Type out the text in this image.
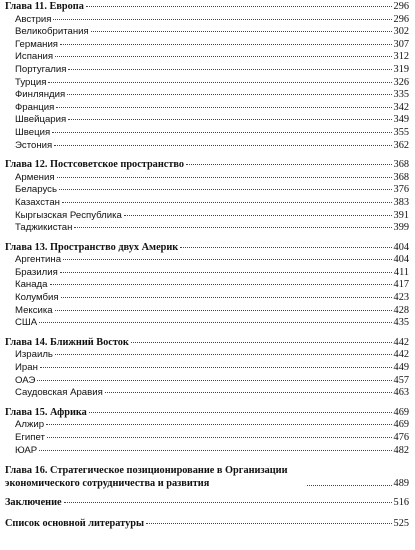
Глава 11. Европа	296
Австрия	296
Великобритания	302
Германия	307
Испания	312
Португалия	319
Турция	326
Финляндия	335
Франция	342
Швейцария	349
Швеция	355
Эстония	362
Глава 12. Постсоветское пространство	368
Армения	368
Беларусь	376
Казахстан	383
Кыргызская Республика	391
Таджикистан	399
Глава 13. Пространство двух Америк	404
Аргентина	404
Бразилия	411
Канада	417
Колумбия	423
Мексика	428
США	435
Глава 14. Ближний Восток	442
Израиль	442
Иран	449
ОАЭ	457
Саудовская Аравия	463
Глава 15. Африка	469
Алжир	469
Египет	476
ЮАР	482
Глава 16. Стратегическое позиционирование в Организации экономического сотрудничества и развития	489
Заключение	516
Список основной литературы	525
